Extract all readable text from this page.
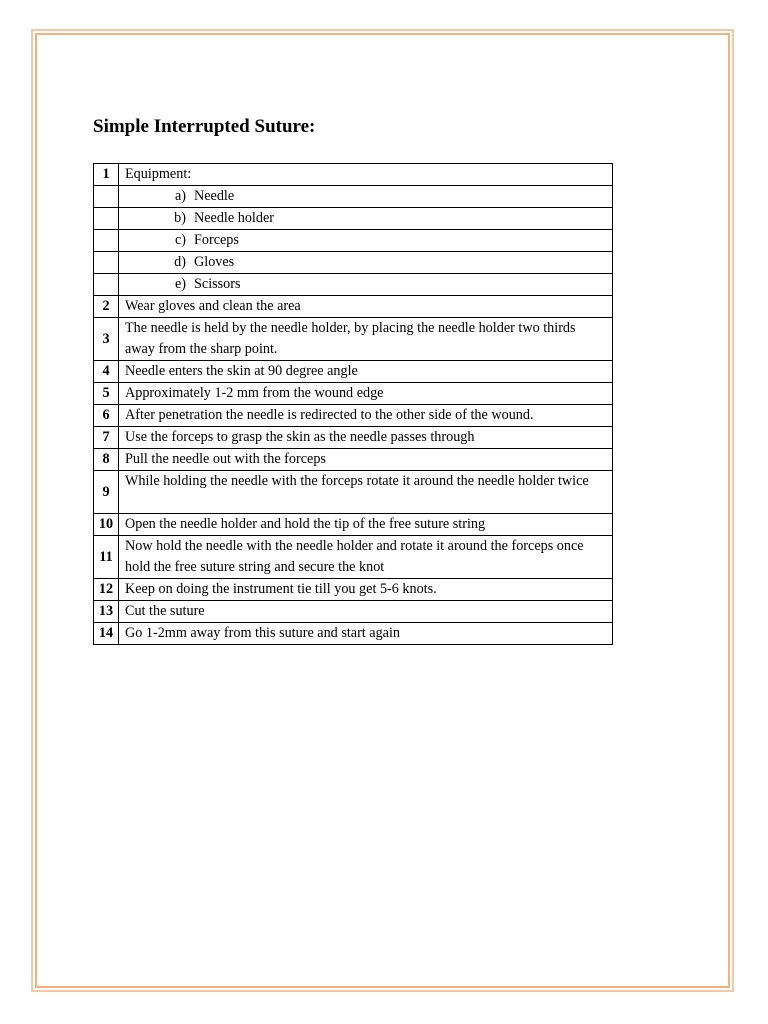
Simple Interrupted Suture:
1	Equipment:

	a) Needle

	b) Needle holder

	c) Forceps

	d) Gloves

	e) Scissors

2	Wear gloves and clean the area
3	The needle is held by the needle holder, by placing the needle holder two thirds away from the sharp point.
4	Needle enters the skin at 90 degree angle
5	Approximately 1-2 mm from the wound edge
6	After penetration the needle is redirected to the other side of the wound.
7	Use the forceps to grasp the skin as the needle passes through
8	Pull the needle out with the forceps
9	While holding the needle with the forceps rotate it around the needle holder twice
10	Open the needle holder and hold the tip of the free suture string
11	Now hold the needle with the needle holder and rotate it around the forceps once hold the free suture string and secure the knot
12	Keep on doing the instrument tie till you get 5-6 knots.
13	Cut the suture
14	Go 1-2mm away from this suture and start again
